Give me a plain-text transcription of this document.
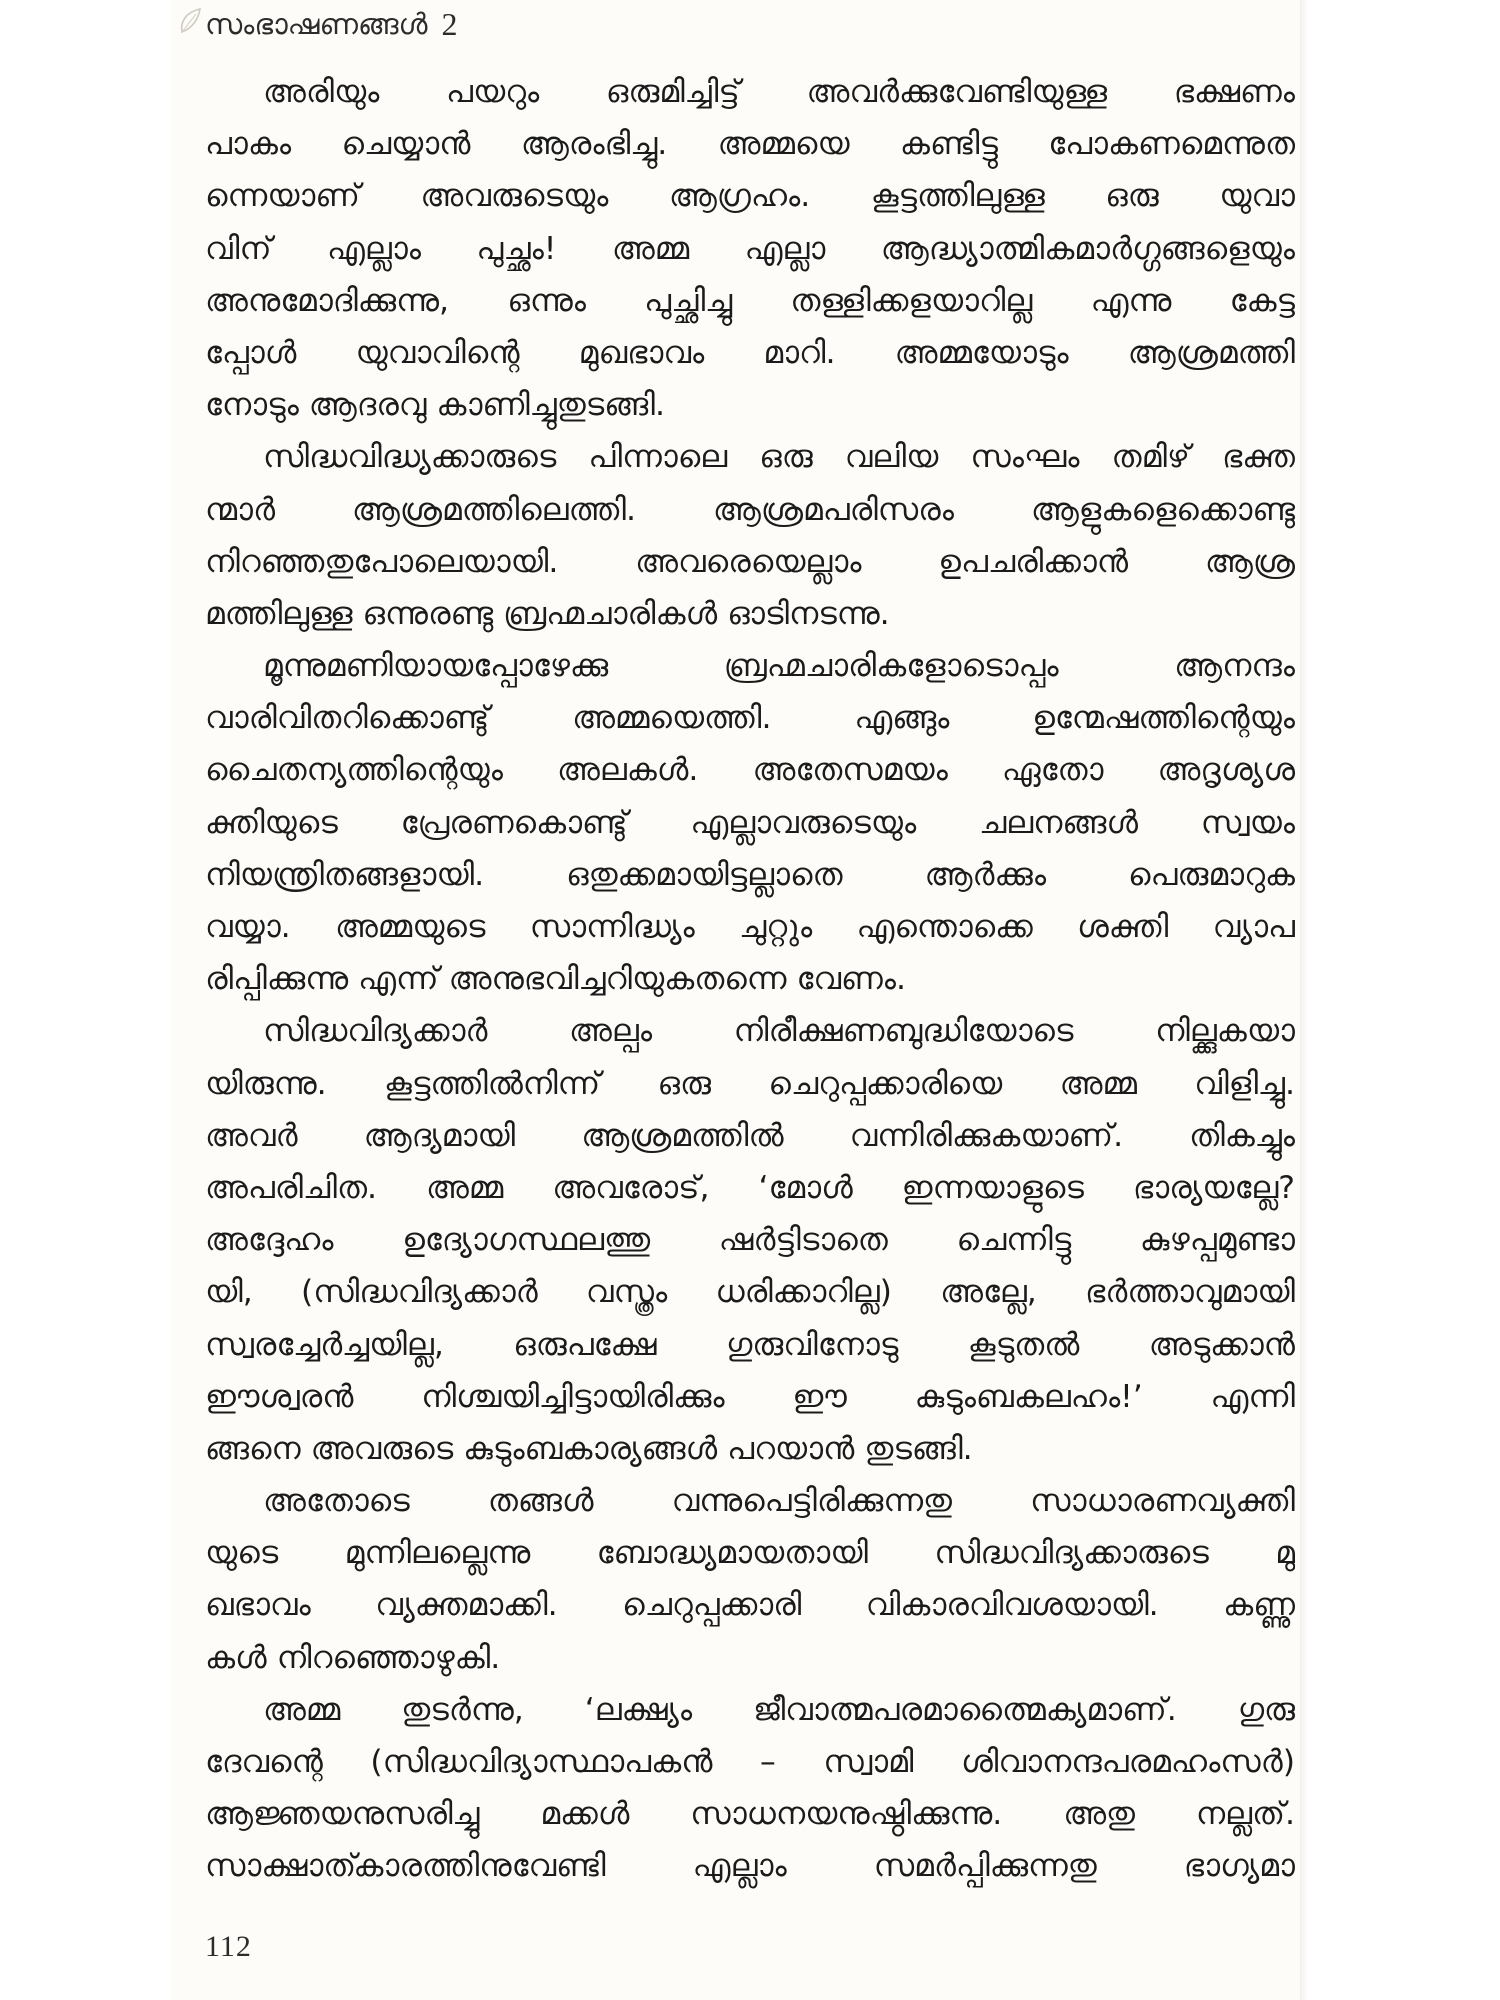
സംഭാഷണങ്ങൾ 2
അരിയും പയറും ഒരുമിച്ചിട്ട് അവർക്കുവേണ്ടിയുള്ള ഭക്ഷണം
പാകം ചെയ്യാൻ ആരംഭിച്ചു. അമ്മയെ കണ്ടിട്ടു പോകണമെന്നുത
ന്നെയാണ് അവരുടെയും ആഗ്രഹം. കൂട്ടത്തിലുള്ള ഒരു യുവാ
വിന് എല്ലാം പുച്ഛം! അമ്മ എല്ലാ ആദ്ധ്യാത്മികമാർഗ്ഗങ്ങളെയും
അനുമോദിക്കുന്നു, ഒന്നും പുച്ഛിച്ചു തള്ളിക്കളയാറില്ല എന്നു കേട്ട
പ്പോൾ യുവാവിന്റെ മുഖഭാവം മാറി. അമ്മയോടും ആശ്രമത്തി
നോടും ആദരവു കാണിച്ചുതുടങ്ങി.
സിദ്ധവിദ്ധ്യക്കാരുടെ പിന്നാലെ ഒരു വലിയ സംഘം തമിഴ് ഭക്ത
ന്മാർ ആശ്രമത്തിലെത്തി. ആശ്രമപരിസരം ആളുകളെക്കൊണ്ടു
നിറഞ്ഞതുപോലെയായി. അവരെയെല്ലാം ഉപചരിക്കാൻ ആശ്ര
മത്തിലുള്ള ഒന്നുരണ്ടു ബ്രഹ്മചാരികൾ ഓടിനടന്നു.
മൂന്നുമണിയായപ്പോഴേക്കു ബ്രഹ്മചാരികളോടൊപ്പം ആനന്ദം
വാരിവിതറിക്കൊണ്ടു് അമ്മയെത്തി. എങ്ങും ഉന്മേഷത്തിന്റെയും
ചൈതന്യത്തിന്റെയും അലകൾ. അതേസമയം ഏതോ അദൃശ്യശ
ക്തിയുടെ പ്രേരണകൊണ്ടു് എല്ലാവരുടെയും ചലനങ്ങൾ സ്വയം
നിയന്ത്രിതങ്ങളായി. ഒതുക്കമായിട്ടല്ലാതെ ആർക്കും പെരുമാറുക
വയ്യാ. അമ്മയുടെ സാന്നിദ്ധ്യം ചുറ്റും എന്തൊക്കെ ശക്തി വ്യാപ
രിപ്പിക്കുന്നു എന്ന് അനുഭവിച്ചറിയുകതന്നെ വേണം.
സിദ്ധവിദ്യക്കാർ അല്പം നിരീക്ഷണബുദ്ധിയോടെ നില്ക്കുകയാ
യിരുന്നു. കൂട്ടത്തിൽനിന്ന് ഒരു ചെറുപ്പക്കാരിയെ അമ്മ വിളിച്ചു.
അവർ ആദ്യമായി ആശ്രമത്തിൽ വന്നിരിക്കുകയാണ്. തികച്ചും
അപരിചിത. അമ്മ അവരോട്, ‘മോൾ ഇന്നയാളുടെ ഭാര്യയല്ലേ?
അദ്ദേഹം ഉദ്യോഗസ്ഥലത്തു ഷർട്ടിടാതെ ചെന്നിട്ടു കുഴപ്പമുണ്ടാ
യി, (സിദ്ധവിദ്യക്കാർ വസ്ത്രം ധരിക്കാറില്ല) അല്ലേ, ഭർത്താവുമായി
സ്വരച്ചേർച്ചയില്ല, ഒരുപക്ഷേ ഗുരുവിനോടു കൂടുതൽ അടുക്കാൻ
ഈശ്വരൻ നിശ്ചയിച്ചിട്ടായിരിക്കും ഈ കുടുംബകലഹം!’ എന്നി
ങ്ങനെ അവരുടെ കുടുംബകാര്യങ്ങൾ പറയാൻ തുടങ്ങി.
അതോടെ തങ്ങൾ വന്നുപെട്ടിരിക്കുന്നതു സാധാരണവ്യക്തി
യുടെ മുന്നിലല്ലെന്നു ബോദ്ധ്യമായതായി സിദ്ധവിദ്യക്കാരുടെ മു
ഖഭാവം വ്യക്തമാക്കി. ചെറുപ്പക്കാരി വികാരവിവശയായി. കണ്ണു
കൾ നിറഞ്ഞൊഴുകി.
അമ്മ തുടർന്നു, ‘ലക്ഷ്യം ജീവാത്മപരമാത്മൈക്യമാണ്. ഗുരു
ദേവന്റെ (സിദ്ധവിദ്യാസ്ഥാപകൻ – സ്വാമി ശിവാനന്ദപരമഹംസർ)
ആജ്ഞയനുസരിച്ചു മക്കൾ സാധനയനുഷ്ഠിക്കുന്നു. അതു നല്ലത്.
സാക്ഷാത്കാരത്തിനുവേണ്ടി എല്ലാം സമർപ്പിക്കുന്നതു ഭാഗ്യമാ
112
